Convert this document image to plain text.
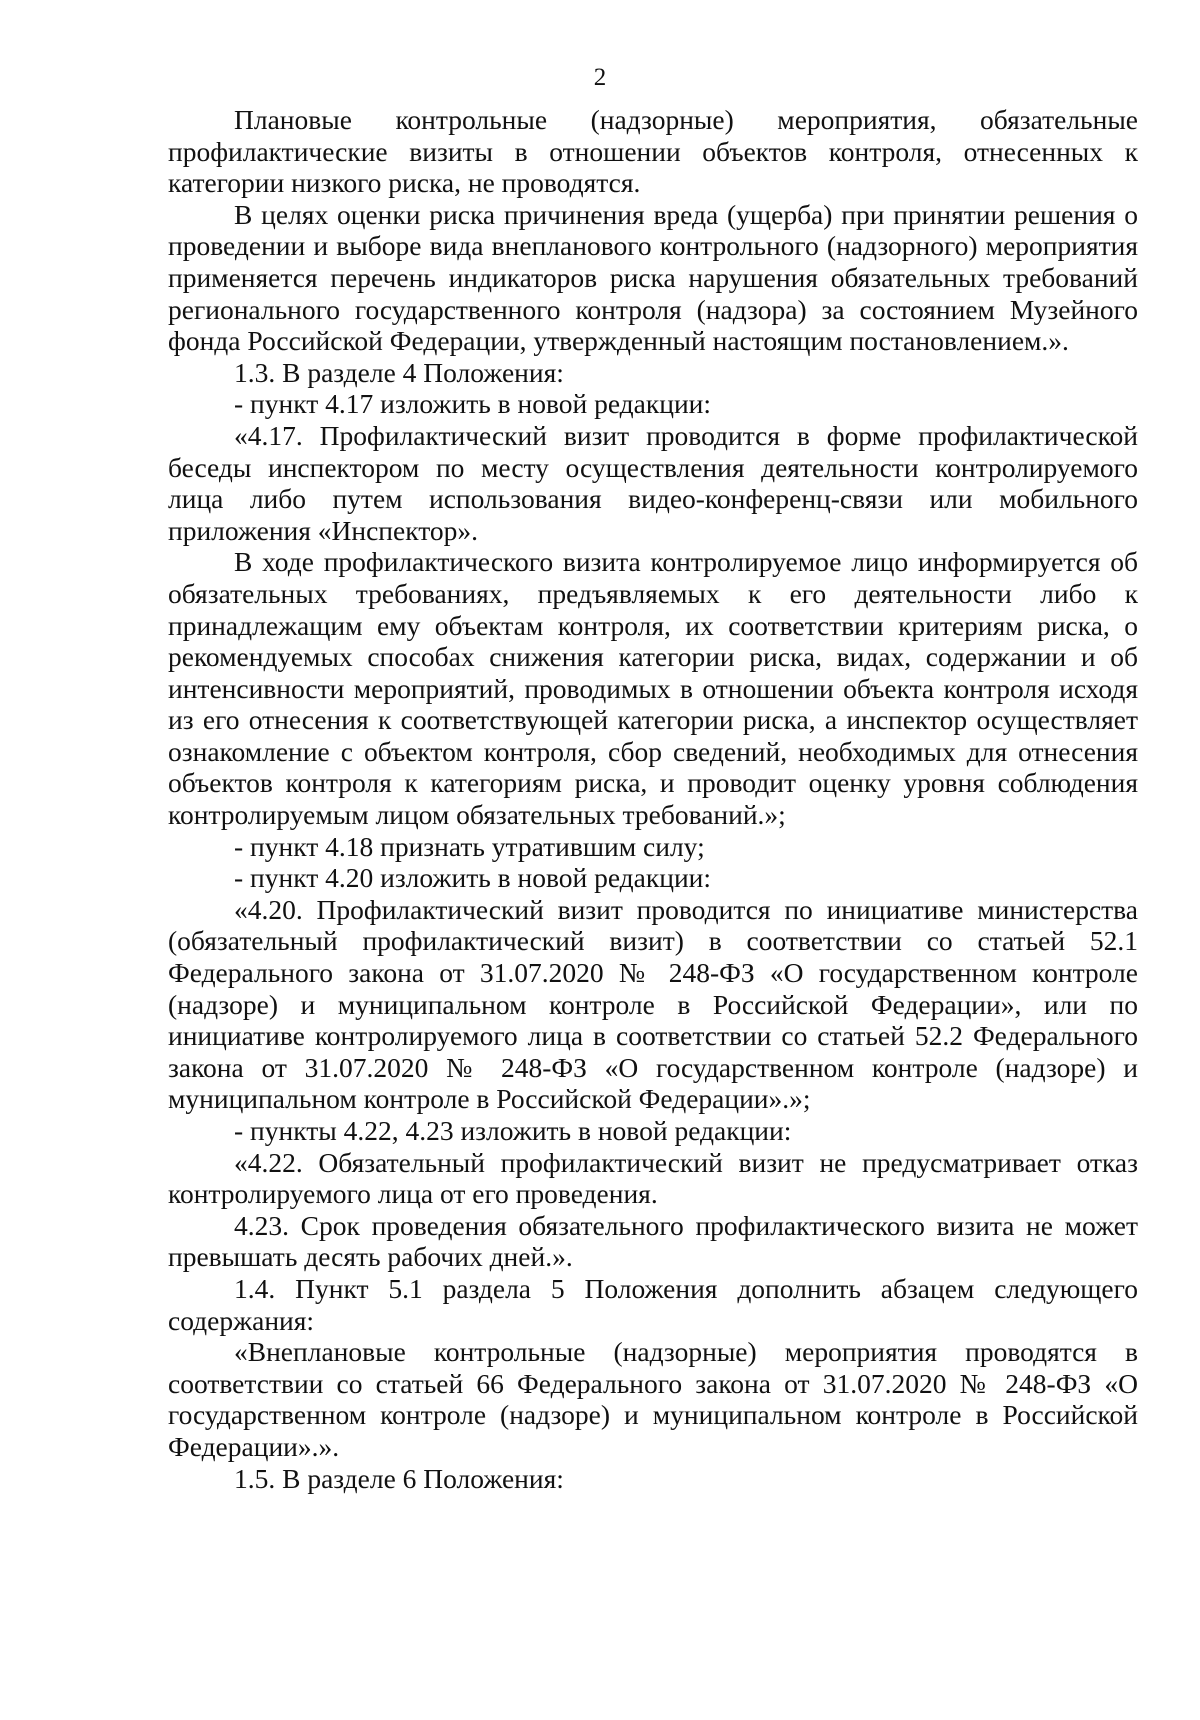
2

Плановые контрольные (надзорные) мероприятия, обязательные профилактические визиты в отношении объектов контроля, отнесенных к категории низкого риска, не проводятся.

В целях оценки риска причинения вреда (ущерба) при принятии решения о проведении и выборе вида внепланового контрольного (надзорного) мероприятия применяется перечень индикаторов риска нарушения обязательных требований регионального государственного контроля (надзора) за состоянием Музейного фонда Российской Федерации, утвержденный настоящим постановлением.».

1.3. В разделе 4 Положения:

- пункт 4.17 изложить в новой редакции:

«4.17. Профилактический визит проводится в форме профилактической беседы инспектором по месту осуществления деятельности контролируемого лица либо путем использования видео-конференц-связи или мобильного приложения «Инспектор».

В ходе профилактического визита контролируемое лицо информируется об обязательных требованиях, предъявляемых к его деятельности либо к принадлежащим ему объектам контроля, их соответствии критериям риска, о рекомендуемых способах снижения категории риска, видах, содержании и об интенсивности мероприятий, проводимых в отношении объекта контроля исходя из его отнесения к соответствующей категории риска, а инспектор осуществляет ознакомление с объектом контроля, сбор сведений, необходимых для отнесения объектов контроля к категориям риска, и проводит оценку уровня соблюдения контролируемым лицом обязательных требований.»;

- пункт 4.18 признать утратившим силу;

- пункт 4.20 изложить в новой редакции:

«4.20. Профилактический визит проводится по инициативе министерства (обязательный профилактический визит) в соответствии со статьей 52.1 Федерального закона от 31.07.2020 № 248-ФЗ «О государственном контроле (надзоре) и муниципальном контроле в Российской Федерации», или по инициативе контролируемого лица в соответствии со статьей 52.2 Федерального закона от 31.07.2020 № 248-ФЗ «О государственном контроле (надзоре) и муниципальном контроле в Российской Федерации».»;

- пункты 4.22, 4.23 изложить в новой редакции:

«4.22. Обязательный профилактический визит не предусматривает отказ контролируемого лица от его проведения.

4.23. Срок проведения обязательного профилактического визита не может превышать десять рабочих дней.».

1.4. Пункт 5.1 раздела 5 Положения дополнить абзацем следующего содержания:

«Внеплановые контрольные (надзорные) мероприятия проводятся в соответствии со статьей 66 Федерального закона от 31.07.2020 № 248-ФЗ «О государственном контроле (надзоре) и муниципальном контроле в Российской Федерации».».

1.5. В разделе 6 Положения:
